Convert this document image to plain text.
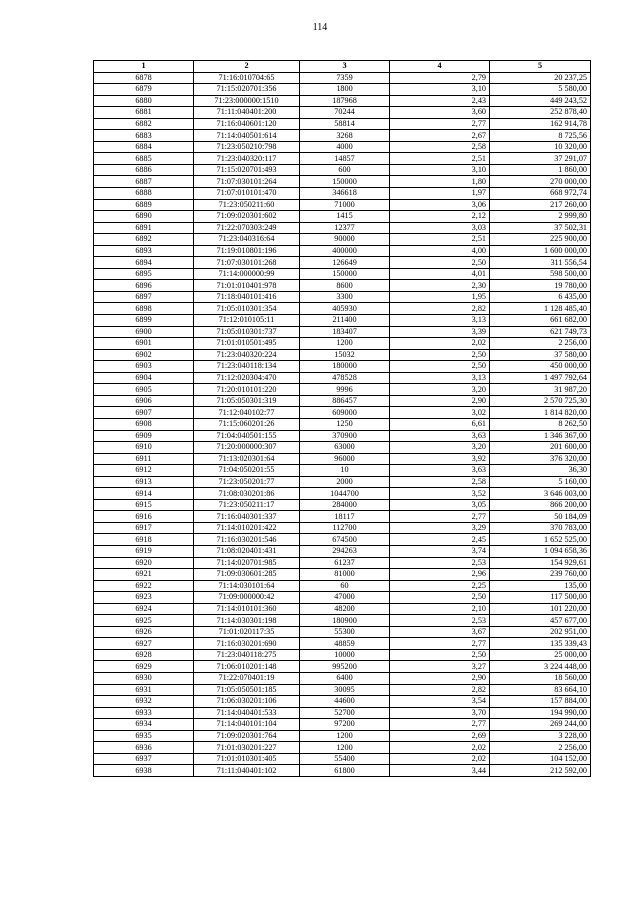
114
1	2	3	4	5
6878	71:16:010704:65	7359	2,79	20 237,25
6879	71:15:020701:356	1800	3,10	5 580,00
6880	71:23:000000:1510	187968	2,43	449 243,52
6881	71:11:040401:200	70244	3,60	252 878,40
6882	71:16:040601:120	58814	2,77	162 914,78
6883	71:14:040501:614	3268	2,67	8 725,56
6884	71:23:050210:798	4000	2,58	10 320,00
6885	71:23:040320:117	14857	2,51	37 291,07
6886	71:15:020701:493	600	3,10	1 860,00
6887	71:07:030101:264	150000	1,80	270 000,00
6888	71:07:010101:470	346618	1,97	668 972,74
6889	71:23:050211:60	71000	3,06	217 260,00
6890	71:09:020301:602	1415	2,12	2 999,80
6891	71:22:070303:249	12377	3,03	37 502,31
6892	71:23:040316:64	90000	2,51	225 900,00
6893	71:19:010801:196	400000	4,00	1 600 000,00
6894	71:07:030101:268	126649	2,50	311 556,54
6895	71:14:000000:99	150000	4,01	598 500,00
6896	71:01:010401:978	8600	2,30	19 780,00
6897	71:18:040101:416	3300	1,95	6 435,00
6898	71:05:010301:354	405930	2,82	1 128 485,40
6899	71:12:010105:11	211400	3,13	661 682,00
6900	71:05:010301:737	183407	3,39	621 749,73
6901	71:01:010501:495	1200	2,02	2 256,00
6902	71:23:040320:224	15032	2,50	37 580,00
6903	71:23:040118:134	180000	2,50	450 000,00
6904	71:12:020304:470	478528	3,13	1 497 792,64
6905	71:20:010101:220	9996	3,20	31 987,20
6906	71:05:050301:319	886457	2,90	2 570 725,30
6907	71:12:040102:77	609000	3,02	1 814 820,00
6908	71:15:060201:26	1250	6,61	8 262,50
6909	71:04:040501:155	370900	3,63	1 346 367,00
6910	71:20:000000:307	63000	3,20	201 600,00
6911	71:13:020301:64	96000	3,92	376 320,00
6912	71:04:050201:55	10	3,63	36,30
6913	71:23:050201:77	2000	2,58	5 160,00
6914	71:08:030201:86	1044700	3,52	3 646 003,00
6915	71:23:050211:17	284000	3,05	866 200,00
6916	71:16:040301:337	18117	2,77	50 184,09
6917	71:14:010201:422	112700	3,29	370 783,00
6918	71:16:030201:546	674500	2,45	1 652 525,00
6919	71:08:020401:431	294263	3,74	1 094 658,36
6920	71:14:020701:985	61237	2,53	154 929,61
6921	71:09:030601:285	81000	2,96	239 760,00
6922	71:14:030101:64	60	2,25	135,00
6923	71:09:000000:42	47000	2,50	117 500,00
6924	71:14:010101:360	48200	2,10	101 220,00
6925	71:14:030301:198	180900	2,53	457 677,00
6926	71:01:020117:35	55300	3,67	202 951,00
6927	71:16:030201:690	48859	2,77	135 339,43
6928	71:23:040118:275	10000	2,50	25 000,00
6929	71:06:010201:148	995200	3,27	3 224 448,00
6930	71:22:070401:19	6400	2,90	18 560,00
6931	71:05:050501:185	30095	2,82	83 664,10
6932	71:06:030201:106	44600	3,54	157 884,00
6933	71:14:040401:533	52700	3,70	194 990,00
6934	71:14:040101:104	97200	2,77	269 244,00
6935	71:09:020301:764	1200	2,69	3 228,00
6936	71:01:030201:227	1200	2,02	2 256,00
6937	71:01:010301:405	55400	2,02	104 152,00
6938	71:11:040401:102	61800	3,44	212 592,00
